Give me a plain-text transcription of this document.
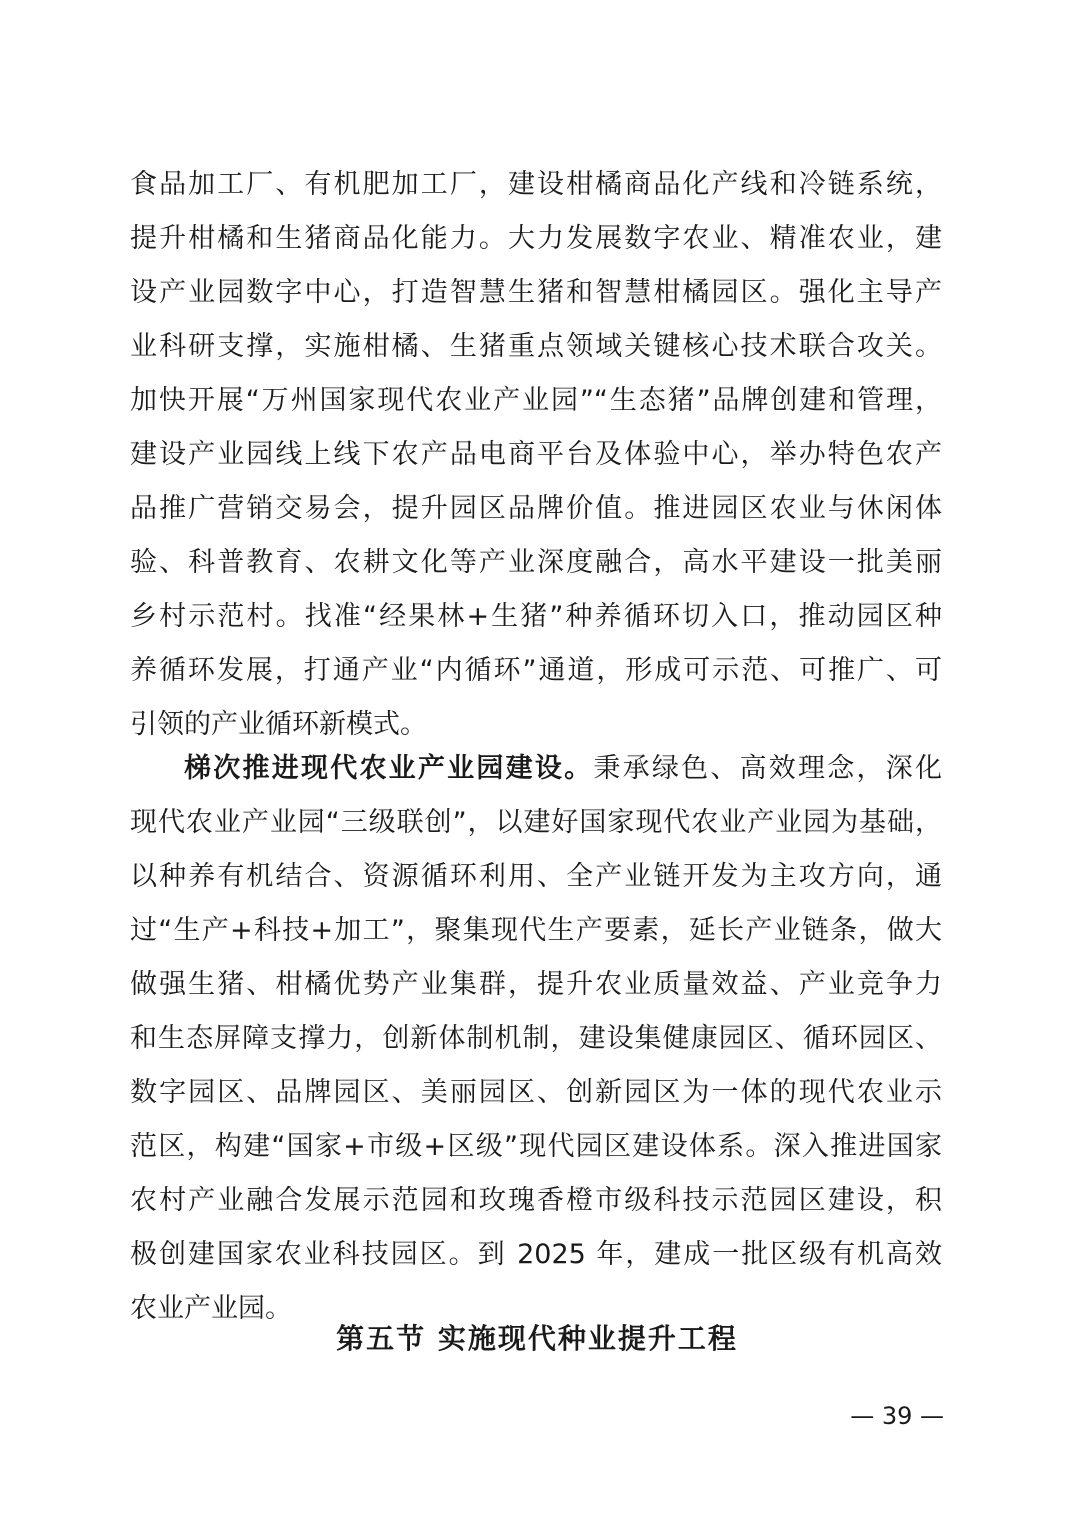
食品加工厂、有机肥加工厂，建设柑橘商品化产线和冷链系统，
提升柑橘和生猪商品化能力。大力发展数字农业、精准农业，建
设产业园数字中心，打造智慧生猪和智慧柑橘园区。强化主导产
业科研支撑，实施柑橘、生猪重点领域关键核心技术联合攻关。
加快开展“万州国家现代农业产业园”“生态猪”品牌创建和管理，
建设产业园线上线下农产品电商平台及体验中心，举办特色农产
品推广营销交易会，提升园区品牌价值。推进园区农业与休闲体
验、科普教育、农耕文化等产业深度融合，高水平建设一批美丽
乡村示范村。找准“经果林+生猪”种养循环切入口，推动园区种
养循环发展，打通产业“内循环”通道，形成可示范、可推广、可
引领的产业循环新模式。
梯次推进现代农业产业园建设。秉承绿色、高效理念，深化
现代农业产业园“三级联创”，以建好国家现代农业产业园为基础，
以种养有机结合、资源循环利用、全产业链开发为主攻方向，通
过“生产+科技+加工”，聚集现代生产要素，延长产业链条，做大
做强生猪、柑橘优势产业集群，提升农业质量效益、产业竞争力
和生态屏障支撑力，创新体制机制，建设集健康园区、循环园区、
数字园区、品牌园区、美丽园区、创新园区为一体的现代农业示
范区，构建“国家+市级+区级”现代园区建设体系。深入推进国家
农村产业融合发展示范园和玫瑰香橙市级科技示范园区建设，积
极创建国家农业科技园区。到 2025 年，建成一批区级有机高效
农业产业园。
第五节 实施现代种业提升工程
— 39 —
